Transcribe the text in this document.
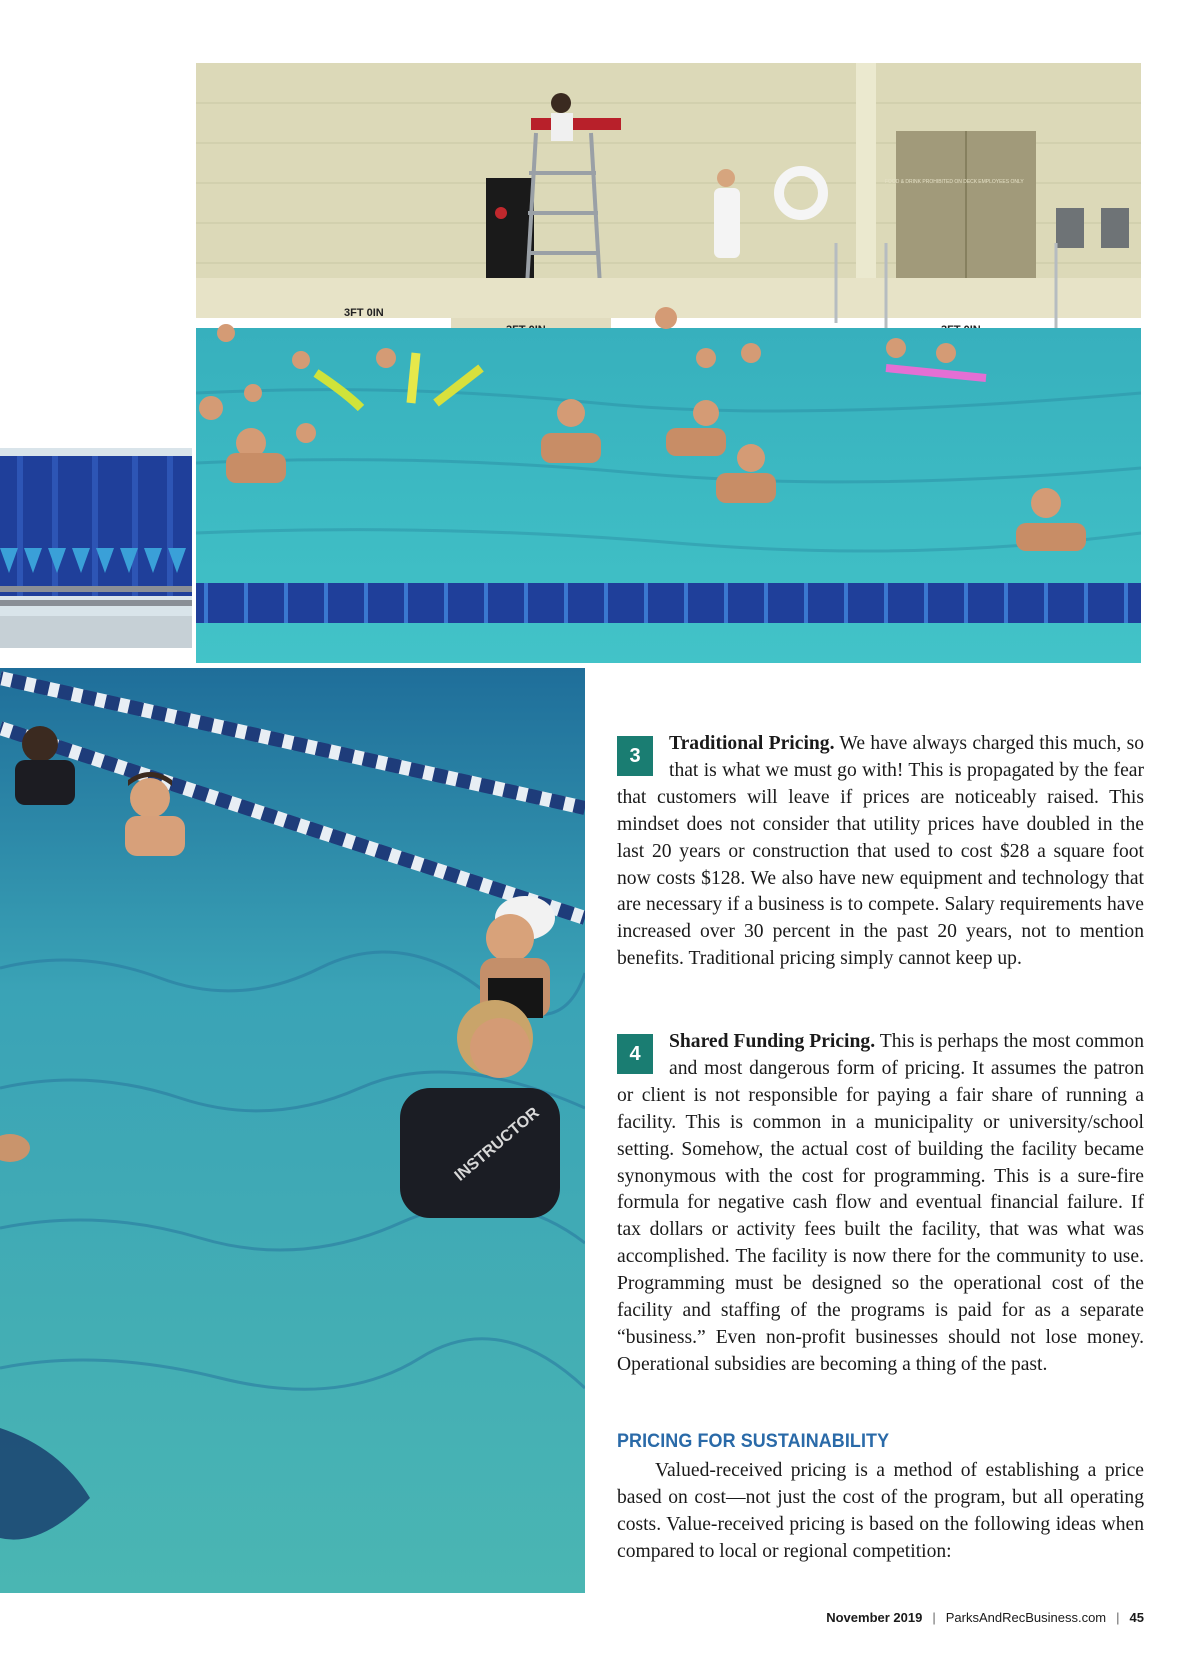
INSTRUCTOR
FOOD & DRINK PROHIBITED ON DECK EMPLOYEES ONLY
3FT 0IN
3

Traditional Pricing. We have always charged this much, so that is what we must go with! This is propagated by the fear that customers will leave if prices are noticeably raised. This mindset does not consider that utility prices have doubled in the last 20 years or construction that used to cost $28 a square foot now costs $128. We also have new equipment and technology that are necessary if a business is to compete. Salary requirements have increased over 30 percent in the past 20 years, not to mention benefits. Traditional pricing simply cannot keep up.

4

Shared Funding Pricing. This is perhaps the most common and most dangerous form of pricing. It assumes the patron or client is not responsible for paying a fair share of running a facility. This is common in a municipality or university/school setting. Somehow, the actual cost of building the facility became synonymous with the cost for programming. This is a sure-fire formula for negative cash flow and eventual financial failure. If tax dollars or activity fees built the facility, that was what was accomplished. The facility is now there for the community to use. Programming must be designed so the operational cost of the facility and staffing of the programs is paid for as a separate “business.” Even non-profit businesses should not lose money. Operational subsidies are becoming a thing of the past.

PRICING FOR SUSTAINABILITY

Valued-received pricing is a method of establishing a price based on cost—not just the cost of the program, but all operating costs. Value-received pricing is based on the following ideas when compared to local or regional competition:

November 2019 | ParksAndRecBusiness.com | 45
